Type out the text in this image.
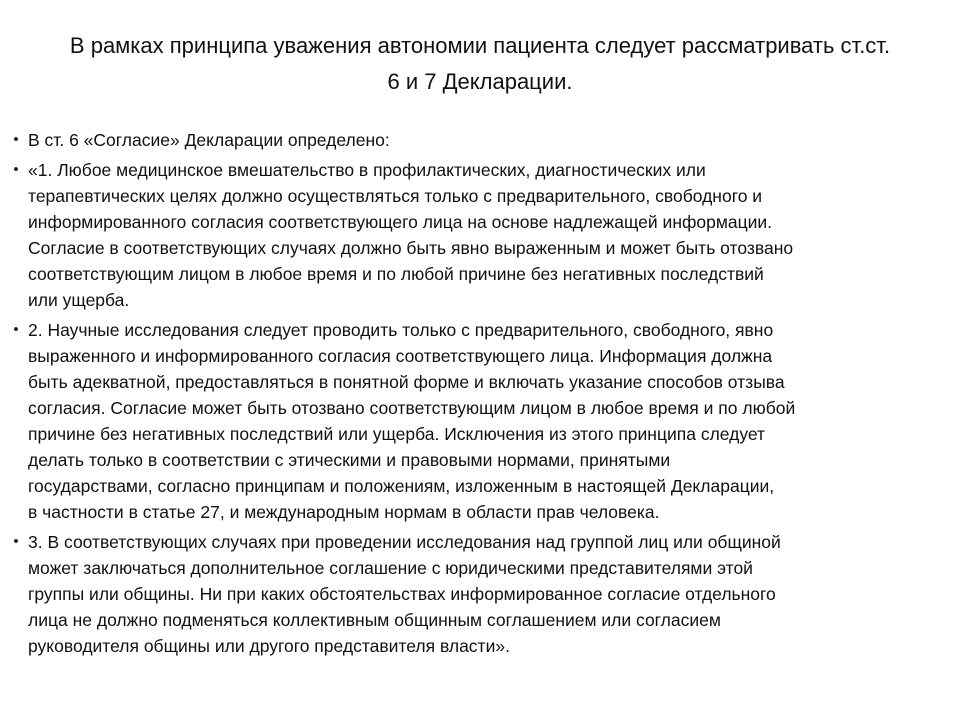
В рамках принципа уважения автономии пациента следует рассматривать ст.ст.
6 и 7 Декларации.
• В ст. 6 «Согласие» Декларации определено:
• «1. Любое медицинское вмешательство в профилактических, диагностических или
терапевтических целях должно осуществляться только с предварительного, свободного и
информированного согласия соответствующего лица на основе надлежащей информации.
Согласие в соответствующих случаях должно быть явно выраженным и может быть отозвано
соответствующим лицом в любое время и по любой причине без негативных последствий
или ущерба.
• 2. Научные исследования следует проводить только с предварительного, свободного, явно
выраженного и информированного согласия соответствующего лица. Информация должна
быть адекватной, предоставляться в понятной форме и включать указание способов отзыва
согласия. Согласие может быть отозвано соответствующим лицом в любое время и по любой
причине без негативных последствий или ущерба. Исключения из этого принципа следует
делать только в соответствии с этическими и правовыми нормами, принятыми
государствами, согласно принципам и положениям, изложенным в настоящей Декларации,
в частности в статье 27, и международным нормам в области прав человека.
• 3. В соответствующих случаях при проведении исследования над группой лиц или общиной
может заключаться дополнительное соглашение с юридическими представителями этой
группы или общины. Ни при каких обстоятельствах информированное согласие отдельного
лица не должно подменяться коллективным общинным соглашением или согласием
руководителя общины или другого представителя власти».
